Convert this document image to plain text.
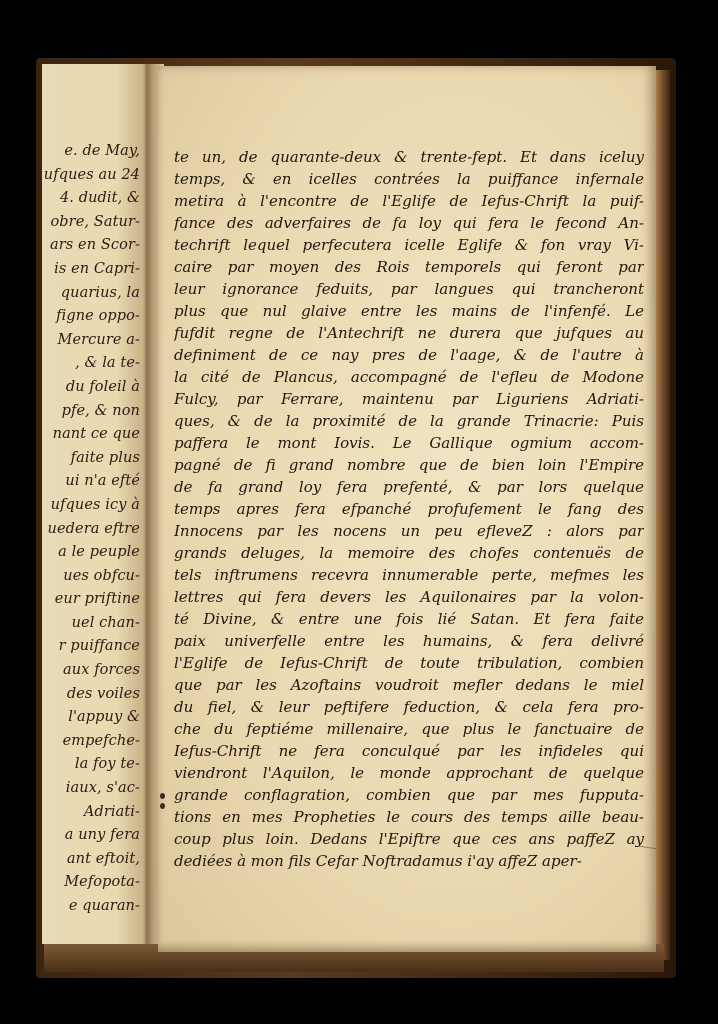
e. de May,
ufques au 24
4. dudit, &
obre, Satur-
ars en Scor-
is en Capri-
quarius, la
figne oppo-
Mercure a-
, & la te-
du foleil à
pfe, & non
nant ce que
faite plus
ui n'a efté
ufques icy à
uedera eftre
a le peuple
ues obfcu-
eur priftine
uel chan-
r puiffance
aux forces
des voiles
l'appuy &
empefche-
la foy te-
iaux, s'ac-
Adriati-
a uny fera
ant eftoit,
Mefopota-
e quaran-
te un, de quarante-deux & trente-fept. Et dans iceluy
temps, & en icelles contrées la puiffance infernale
metira à l'encontre de l'Eglife de Iefus-Chrift la puif-
fance des adverfaires de fa loy qui fera le fecond An-
techrift lequel perfecutera icelle Eglife & fon vray Vi-
caire par moyen des Rois temporels qui feront par
leur ignorance feduits, par langues qui trancheront
plus que nul glaive entre les mains de l'infenfé. Le
fufdit regne de l'Antechrift ne durera que jufques au
definiment de ce nay pres de l'aage, & de l'autre à
la cité de Plancus, accompagné de l'efleu de Modone
Fulcy, par Ferrare, maintenu par Liguriens Adriati-
ques, & de la proximité de la grande Trinacrie: Puis
paffera le mont Iovis. Le Gallique ogmium accom-
pagné de fi grand nombre que de bien loin l'Empire
de fa grand loy fera prefenté, & par lors quelque
temps apres fera efpanché profufement le fang des
Innocens par les nocens un peu efleveZ : alors par
grands deluges, la memoire des chofes contenuës de
tels inftrumens recevra innumerable perte, mefmes les
lettres qui fera devers les Aquilonaires par la volon-
té Divine, & entre une fois lié Satan. Et fera faite
paix univerfelle entre les humains, & fera delivré
l'Eglife de Iefus-Chrift de toute tribulation, combien
que par les Azoftains voudroit mefler dedans le miel
du fiel, & leur peftifere feduction, & cela fera pro-
che du feptiéme millenaire, que plus le fanctuaire de
Iefus-Chrift ne fera conculqué par les infideles qui
viendront l'Aquilon, le monde approchant de quelque
grande conflagration, combien que par mes fupputa-
tions en mes Propheties le cours des temps aille beau-
coup plus loin. Dedans l'Epiftre que ces ans paffeZ ay
dediées à mon fils Cefar Noftradamus i'ay affeZ aper-
